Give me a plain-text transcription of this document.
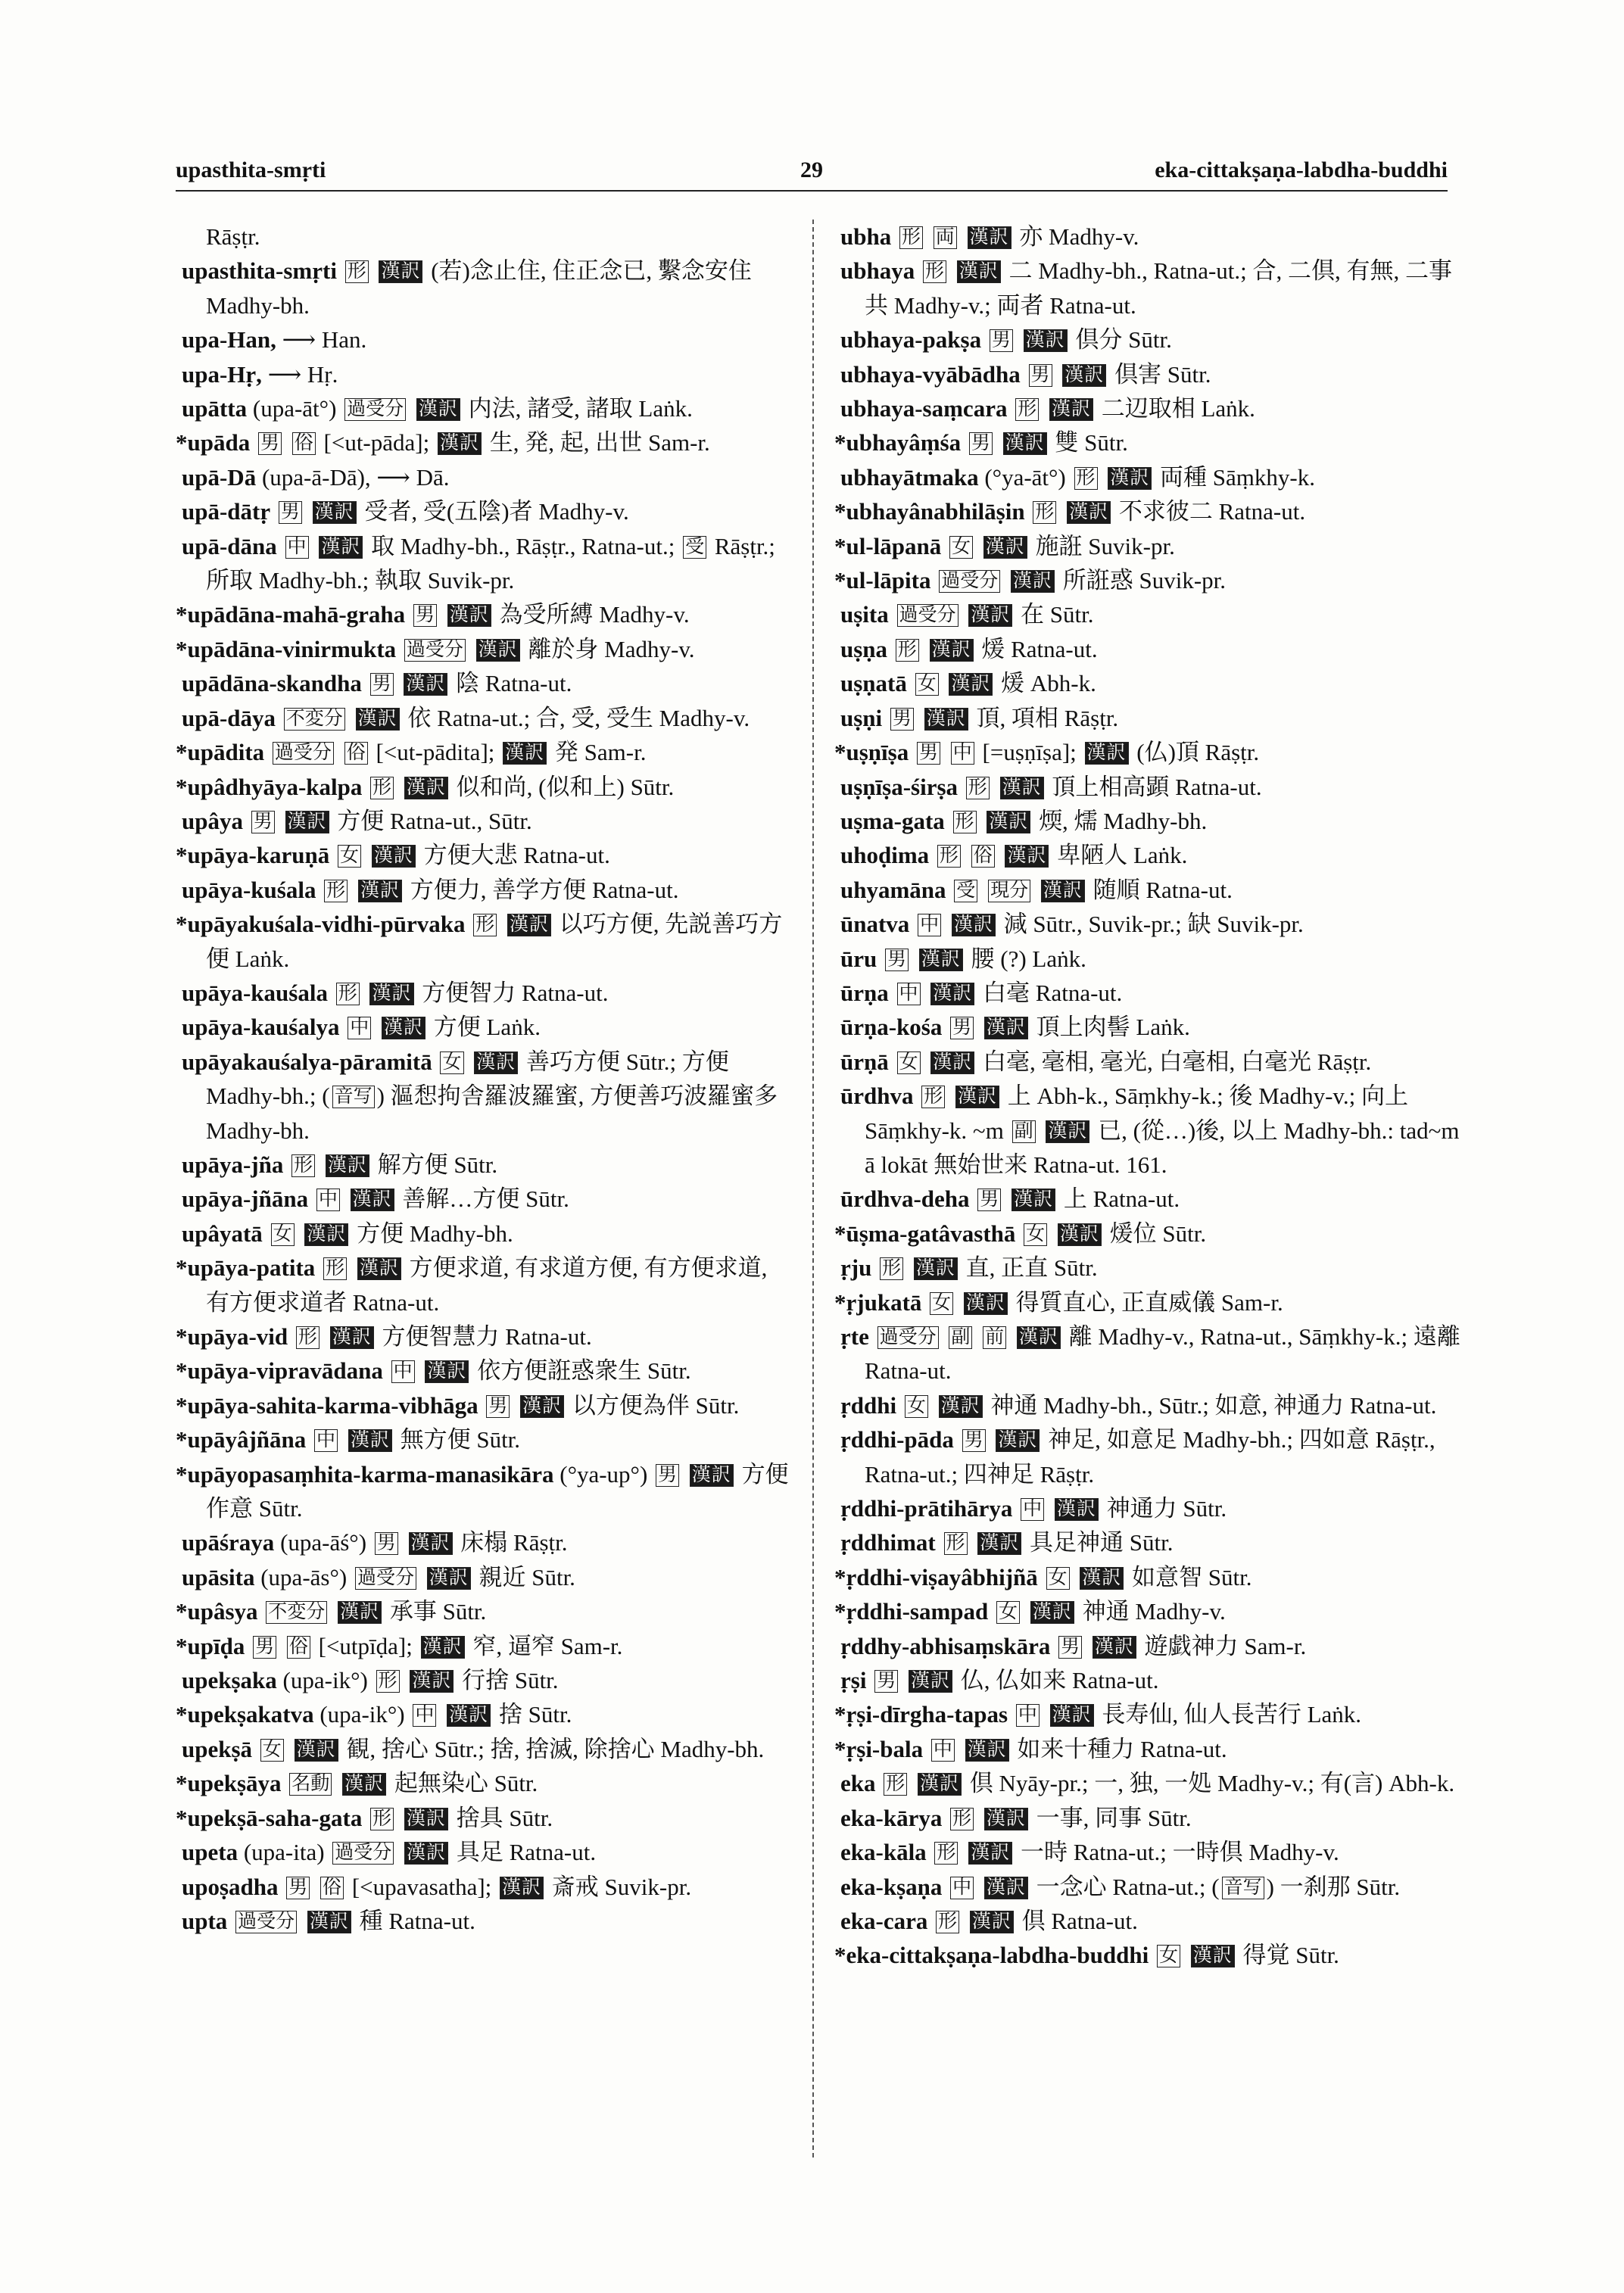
upasthita-smṛti	29	eka-cittakṣaṇa-labdha-buddhi
Rāṣṭr.
upasthita-smṛti 形 漢訳 (若)念止住, 住正念已, 繫念安住 Madhy-bh.
upa-Han, ⟶ Han.
upa-Hṛ, ⟶ Hṛ.
upātta (upa-āt°) 過受分 漢訳 内法, 諸受, 諸取 Laṅk.
*upāda 男 俗 [<ut-pāda]; 漢訳 生, 発, 起, 出世 Sam-r.
upā-Dā (upa-ā-Dā), ⟶ Dā.
upā-dātṛ 男 漢訳 受者, 受(五陰)者 Madhy-v.
upā-dāna 中 漢訳 取 Madhy-bh., Rāṣṭr., Ratna-ut.; 受 Rāṣṭr.; 所取 Madhy-bh.; 執取 Suvik-pr.
*upādāna-mahā-graha 男 漢訳 為受所縛 Madhy-v.
*upādāna-vinirmukta 過受分 漢訳 離於身 Madhy-v.
upādāna-skandha 男 漢訳 陰 Ratna-ut.
upā-dāya 不変分 漢訳 依 Ratna-ut.; 合, 受, 受生 Madhy-v.
*upādita 過受分 俗 [<ut-pādita]; 漢訳 発 Sam-r.
*upâdhyāya-kalpa 形 漢訳 似和尚, (似和上) Sūtr.
upâya 男 漢訳 方便 Ratna-ut., Sūtr.
*upāya-karuṇā 女 漢訳 方便大悲 Ratna-ut.
upāya-kuśala 形 漢訳 方便力, 善学方便 Ratna-ut.
*upāyakuśala-vidhi-pūrvaka 形 漢訳 以巧方便, 先説善巧方便 Laṅk.
upāya-kauśala 形 漢訳 方便智力 Ratna-ut.
upāya-kauśalya 中 漢訳 方便 Laṅk.
upāyakauśalya-pāramitā 女 漢訳 善巧方便 Sūtr.; 方便 Madhy-bh.; ( 音写 ) 漚惒拘舎羅波羅蜜, 方便善巧波羅蜜多 Madhy-bh.
upāya-jña 形 漢訳 解方便 Sūtr.
upāya-jñāna 中 漢訳 善解…方便 Sūtr.
upâyatā 女 漢訳 方便 Madhy-bh.
*upāya-patita 形 漢訳 方便求道, 有求道方便, 有方便求道, 有方便求道者 Ratna-ut.
*upāya-vid 形 漢訳 方便智慧力 Ratna-ut.
*upāya-vipravādana 中 漢訳 依方便誑惑衆生 Sūtr.
*upāya-sahita-karma-vibhāga 男 漢訳 以方便為伴 Sūtr.
*upāyâjñāna 中 漢訳 無方便 Sūtr.
*upāyopasaṃhita-karma-manasikāra (°ya-up°) 男 漢訳 方便作意 Sūtr.
upāśraya (upa-āś°) 男 漢訳 床榻 Rāṣṭr.
upāsita (upa-ās°) 過受分 漢訳 親近 Sūtr.
*upâsya 不変分 漢訳 承事 Sūtr.
*upīḍa 男 俗 [<utpīḍa]; 漢訳 窄, 逼窄 Sam-r.
upekṣaka (upa-ik°) 形 漢訳 行捨 Sūtr.
*upekṣakatva (upa-ik°) 中 漢訳 捨 Sūtr.
upekṣā 女 漢訳 観, 捨心 Sūtr.; 捨, 捨滅, 除捨心 Madhy-bh.
*upekṣāya 名動 漢訳 起無染心 Sūtr.
*upekṣā-saha-gata 形 漢訳 捨具 Sūtr.
upeta (upa-ita) 過受分 漢訳 具足 Ratna-ut.
upoṣadha 男 俗 [<upavasatha]; 漢訳 斎戒 Suvik-pr.
upta 過受分 漢訳 種 Ratna-ut.
ubha 形 両 漢訳 亦 Madhy-v.
ubhaya 形 漢訳 二 Madhy-bh., Ratna-ut.; 合, 二倶, 有無, 二事共 Madhy-v.; 両者 Ratna-ut.
ubhaya-pakṣa 男 漢訳 倶分 Sūtr.
ubhaya-vyābādha 男 漢訳 倶害 Sūtr.
ubhaya-saṃcara 形 漢訳 二辺取相 Laṅk.
*ubhayâṃśa 男 漢訳 雙 Sūtr.
ubhayātmaka (°ya-āt°) 形 漢訳 両種 Sāṃkhy-k.
*ubhayânabhilāṣin 形 漢訳 不求彼二 Ratna-ut.
*ul-lāpanā 女 漢訳 施誑 Suvik-pr.
*ul-lāpita 過受分 漢訳 所誑惑 Suvik-pr.
uṣita 過受分 漢訳 在 Sūtr.
uṣṇa 形 漢訳 煖 Ratna-ut.
uṣṇatā 女 漢訳 煖 Abh-k.
uṣṇi 男 漢訳 頂, 項相 Rāṣṭr.
*uṣṇīṣa 男 中 [=uṣṇīṣa]; 漢訳 (仏)頂 Rāṣṭr.
uṣṇīṣa-śirṣa 形 漢訳 頂上相高顕 Ratna-ut.
uṣma-gata 形 漢訳 煗, 燸 Madhy-bh.
uhoḍima 形 俗 漢訳 卑陋人 Laṅk.
uhyamāna 受 現分 漢訳 随順 Ratna-ut.
ūnatva 中 漢訳 減 Sūtr., Suvik-pr.; 缺 Suvik-pr.
ūru 男 漢訳 腰 (?) Laṅk.
ūrṇa 中 漢訳 白毫 Ratna-ut.
ūrṇa-kośa 男 漢訳 頂上肉髻 Laṅk.
ūrṇā 女 漢訳 白毫, 毫相, 毫光, 白毫相, 白毫光 Rāṣṭr.
ūrdhva 形 漢訳 上 Abh-k., Sāṃkhy-k.; 後 Madhy-v.; 向上 Sāṃkhy-k. ~m 副 漢訳 已, (從…)後, 以上 Madhy-bh.: tad~m ā lokāt 無始世来 Ratna-ut. 161.
ūrdhva-deha 男 漢訳 上 Ratna-ut.
*ūṣma-gatâvasthā 女 漢訳 煖位 Sūtr.
ṛju 形 漢訳 直, 正直 Sūtr.
*ṛjukatā 女 漢訳 得質直心, 正直威儀 Sam-r.
ṛte 過受分 副 前 漢訳 離 Madhy-v., Ratna-ut., Sāṃkhy-k.; 遠離 Ratna-ut.
ṛddhi 女 漢訳 神通 Madhy-bh., Sūtr.; 如意, 神通力 Ratna-ut.
ṛddhi-pāda 男 漢訳 神足, 如意足 Madhy-bh.; 四如意 Rāṣṭr., Ratna-ut.; 四神足 Rāṣṭr.
ṛddhi-prātihārya 中 漢訳 神通力 Sūtr.
ṛddhimat 形 漢訳 具足神通 Sūtr.
*ṛddhi-viṣayâbhijñā 女 漢訳 如意智 Sūtr.
*ṛddhi-sampad 女 漢訳 神通 Madhy-v.
ṛddhy-abhisaṃskāra 男 漢訳 遊戯神力 Sam-r.
ṛṣi 男 漢訳 仏, 仏如来 Ratna-ut.
*ṛṣi-dīrgha-tapas 中 漢訳 長寿仙, 仙人長苦行 Laṅk.
*ṛṣi-bala 中 漢訳 如来十種力 Ratna-ut.
eka 形 漢訳 倶 Nyāy-pr.; 一, 独, 一処 Madhy-v.; 有(言) Abh-k.
eka-kārya 形 漢訳 一事, 同事 Sūtr.
eka-kāla 形 漢訳 一時 Ratna-ut.; 一時倶 Madhy-v.
eka-kṣaṇa 中 漢訳 一念心 Ratna-ut.; ( 音写 ) 一刹那 Sūtr.
eka-cara 形 漢訳 倶 Ratna-ut.
*eka-cittakṣaṇa-labdha-buddhi 女 漢訳 得覚 Sūtr.
